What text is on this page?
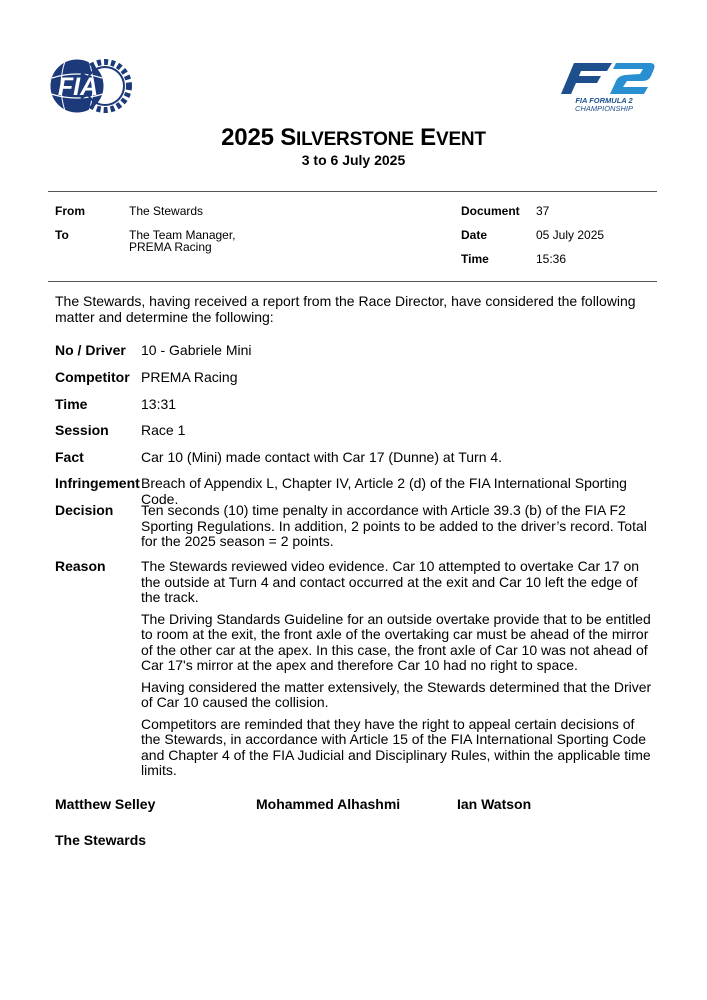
FIA	FIA FORMULA 2
CHAMPIONSHIP
2025 SILVERSTONE EVENT
3 to 6 July 2025
From	The Stewards
To	The Team Manager,
PREMA Racing
Document 37
Date	05 July 2025
Time	15:36
The Stewards, having received a report from the Race Director, have considered the following matter and determine the following:
No / Driver 10 - Gabriele Mini
Competitor PREMA Racing
Time	13:31
Session Race 1
Fact	Car 10 (Mini) made contact with Car 17 (Dunne) at Turn 4.
Infringement Breach of Appendix L, Chapter IV, Article 2 (d) of the FIA International Sporting Code.
Decision Ten seconds (10) time penalty in accordance with Article 39.3 (b) of the FIA F2 Sporting Regulations. In addition, 2 points to be added to the driver’s record. Total for the 2025 season = 2 points.
Reason	The Stewards reviewed video evidence. Car 10 attempted to overtake Car 17 on the outside at Turn 4 and contact occurred at the exit and Car 10 left the edge of the track.

The Driving Standards Guideline for an outside overtake provide that to be entitled to room at the exit, the front axle of the overtaking car must be ahead of the mirror of the other car at the apex. In this case, the front axle of Car 10 was not ahead of Car 17's mirror at the apex and therefore Car 10 had no right to space.

Having considered the matter extensively, the Stewards determined that the Driver of Car 10 caused the collision.

Competitors are reminded that they have the right to appeal certain decisions of the Stewards, in accordance with Article 15 of the FIA International Sporting Code and Chapter 4 of the FIA Judicial and Disciplinary Rules, within the applicable time limits.

Matthew Selley	Mohammed Alhashmi	Ian Watson
The Stewards
